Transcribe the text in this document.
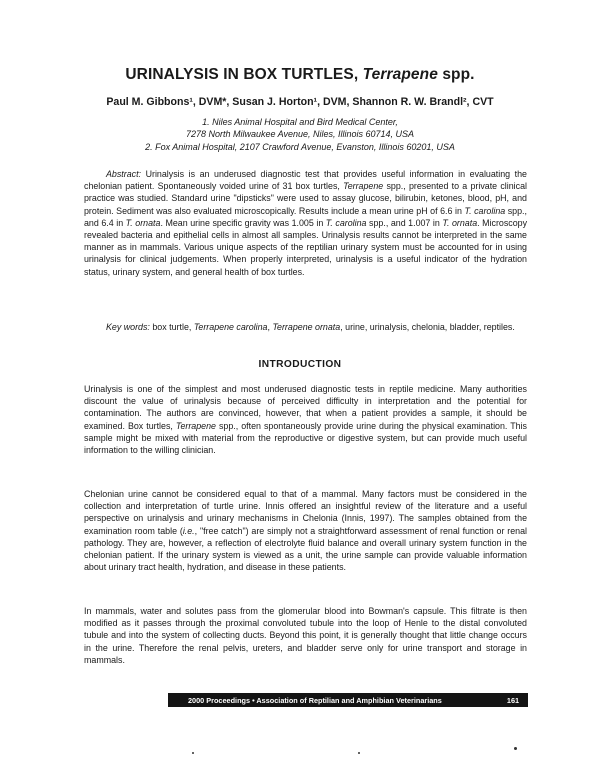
URINALYSIS IN BOX TURTLES, Terrapene spp.

Paul M. Gibbons¹, DVM*, Susan J. Horton¹, DVM, Shannon R. W. Brandl², CVT

1. Niles Animal Hospital and Bird Medical Center,
7278 North Milwaukee Avenue, Niles, Illinois 60714, USA
2. Fox Animal Hospital, 2107 Crawford Avenue, Evanston, Illinois 60201, USA

Abstract: Urinalysis is an underused diagnostic test that provides useful information in evaluating the chelonian patient. Spontaneously voided urine of 31 box turtles, Terrapene spp., presented to a private clinical practice was studied. Standard urine "dipsticks" were used to assay glucose, bilirubin, ketones, blood, pH, and protein. Sediment was also evaluated microscopically. Results include a mean urine pH of 6.6 in T. carolina spp., and 6.4 in T. ornata. Mean urine specific gravity was 1.005 in T. carolina spp., and 1.007 in T. ornata. Microscopy revealed bacteria and epithelial cells in almost all samples. Urinalysis results cannot be interpreted in the same manner as in mammals. Various unique aspects of the reptilian urinary system must be accounted for in using urinalysis for clinical judgements. When properly interpreted, urinalysis is a useful indicator of the hydration status, urinary system, and general health of box turtles.

Key words: box turtle, Terrapene carolina, Terrapene ornata, urine, urinalysis, chelonia, bladder, reptiles.

INTRODUCTION

Urinalysis is one of the simplest and most underused diagnostic tests in reptile medicine. Many authorities discount the value of urinalysis because of perceived difficulty in interpretation and the potential for contamination. The authors are convinced, however, that when a patient provides a sample, it should be examined. Box turtles, Terrapene spp., often spontaneously provide urine during the physical examination. This sample might be mixed with material from the reproductive or digestive system, but can provide much useful information to the willing clinician.

Chelonian urine cannot be considered equal to that of a mammal. Many factors must be considered in the collection and interpretation of turtle urine. Innis offered an insightful review of the literature and a useful perspective on urinalysis and urinary mechanisms in Chelonia (Innis, 1997). The samples obtained from the examination room table (i.e., "free catch") are simply not a straightforward assessment of renal function or renal pathology. They are, however, a reflection of electrolyte fluid balance and overall urinary system function in the chelonian patient. If the urinary system is viewed as a unit, the urine sample can provide valuable information about urinary tract health, hydration, and disease in these patients.

In mammals, water and solutes pass from the glomerular blood into Bowman's capsule. This filtrate is then modified as it passes through the proximal convoluted tubule into the loop of Henle to the distal convoluted tubule and into the system of collecting ducts. Beyond this point, it is generally thought that little change occurs in the urine. Therefore the renal pelvis, ureters, and bladder serve only for urine transport and storage in mammals.

2000 Proceedings • Association of Reptilian and Amphibian Veterinarians	161
